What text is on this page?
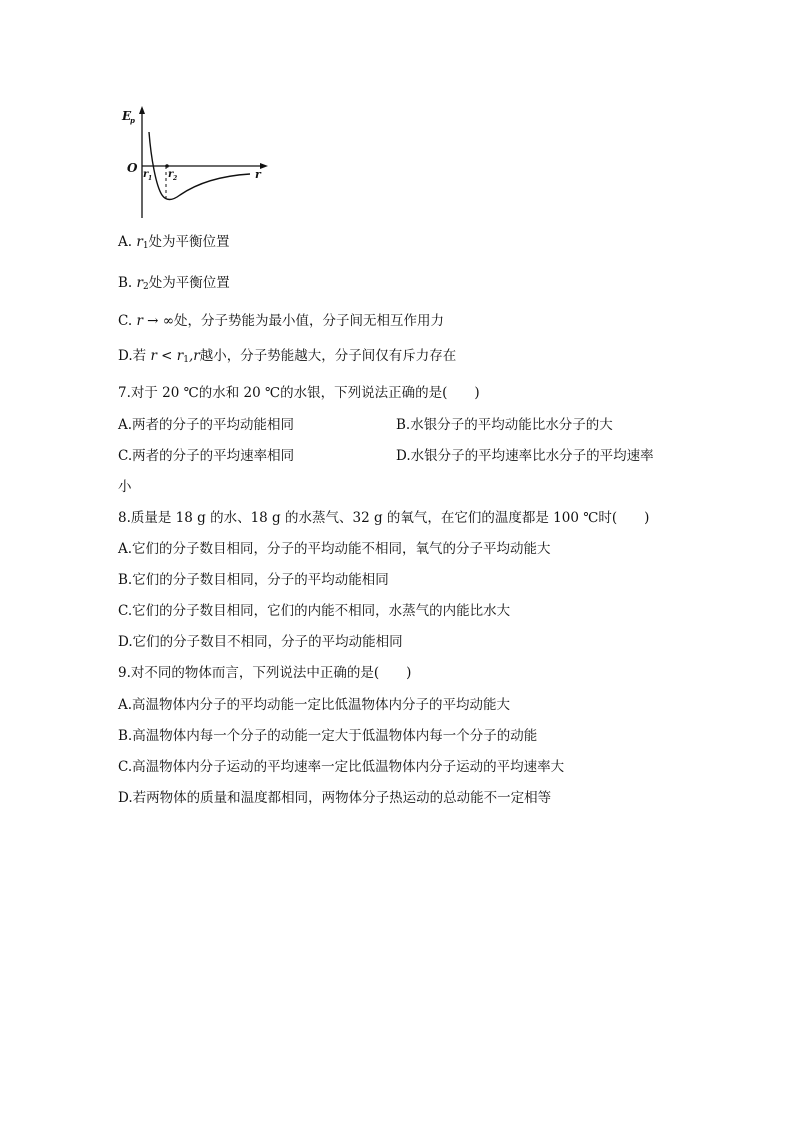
E
p
O r 1 r 2	r
A. $r_1$处为平衡位置
B. $r_2$处为平衡位置
C. r → ∞处，分子势能为最小值，分子间无相互作用力
D.若 $r < r_1,r$越小，分子势能越大，分子间仅有斥力存在
7.对于 20 ℃的水和 20 ℃的水银，下列说法正确的是(　　)
A.两者的分子的平均动能相同	B.水银分子的平均动能比水分子的大
C.两者的分子的平均速率相同	D.水银分子的平均速率比水分子的平均速率
小
8.质量是 18 g 的水、18 g 的水蒸气、32 g 的氧气，在它们的温度都是 100 ℃时(　　)
A.它们的分子数目相同，分子的平均动能不相同，氧气的分子平均动能大
B.它们的分子数目相同，分子的平均动能相同
C.它们的分子数目相同，它们的内能不相同，水蒸气的内能比水大
D.它们的分子数目不相同，分子的平均动能相同
9.对不同的物体而言，下列说法中正确的是(　　)
A.高温物体内分子的平均动能一定比低温物体内分子的平均动能大
B.高温物体内每一个分子的动能一定大于低温物体内每一个分子的动能
C.高温物体内分子运动的平均速率一定比低温物体内分子运动的平均速率大
D.若两物体的质量和温度都相同，两物体分子热运动的总动能不一定相等
